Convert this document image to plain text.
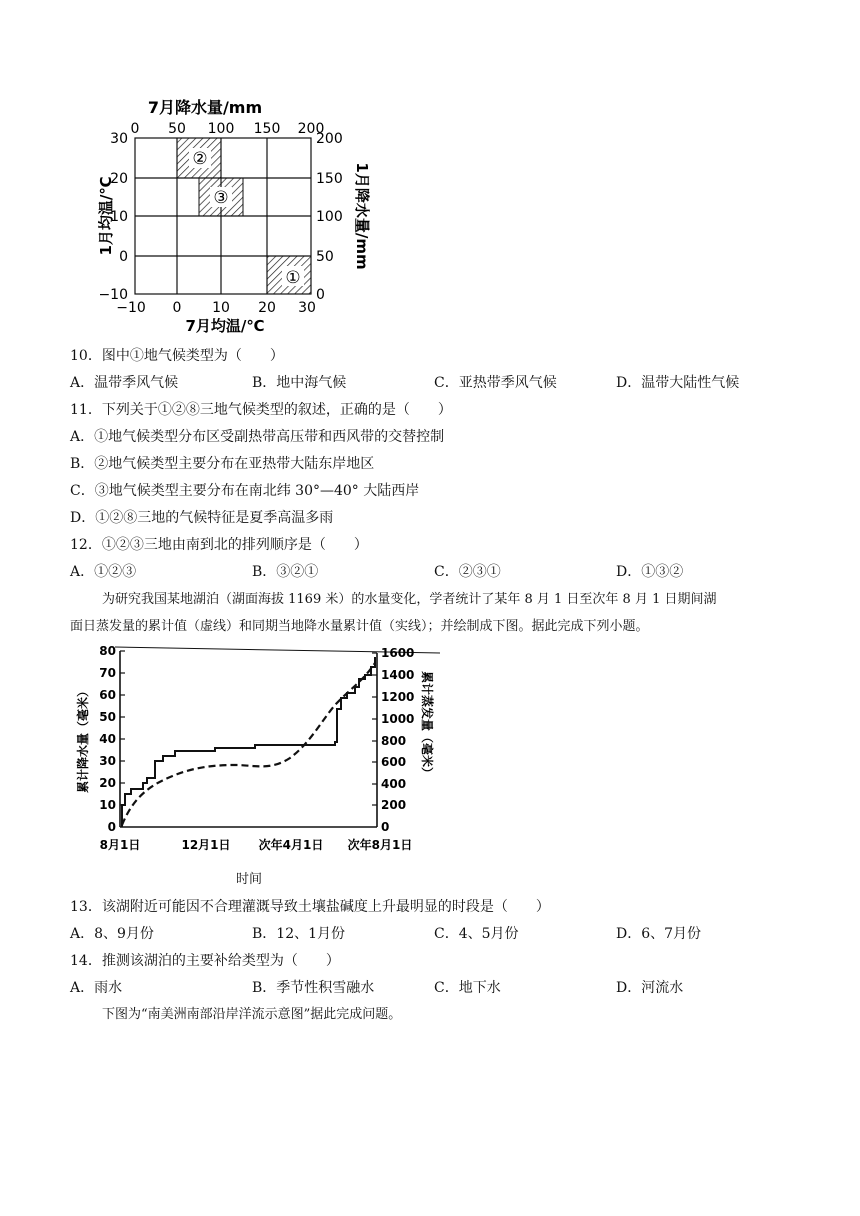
7月降水量/mm
0 50 100 150 200
②
③
①
30
20
10
0
−10
200
150
100
50
0
1月均温/℃	1月降水量/mm
−10 0 10 20 30
7月均温/℃
10．图中①地气候类型为（　　）
A．温带季风气候	B．地中海气候	C．亚热带季风气候	D．温带大陆性气候
11．下列关于①②⑧三地气候类型的叙述，正确的是（　　）
A．①地气候类型分布区受副热带高压带和西风带的交替控制
B．②地气候类型主要分布在亚热带大陆东岸地区
C．③地气候类型主要分布在南北纬 30°—40° 大陆西岸
D．①②⑧三地的气候特征是夏季高温多雨
12．①②③三地由南到北的排列顺序是（　　）
A．①②③	B．③②①	C．②③①	D．①③②
为研究我国某地湖泊（湖面海拔 1169 米）的水量变化，学者统计了某年 8 月 1 日至次年 8 月 1 日期间湖
面日蒸发量的累计值（虚线）和同期当地降水量累计值（实线）；并绘制成下图。据此完成下列小题。
80
70
60
50
40
30
20
10
0
1600
1400
1200
1000
800
600
400
200
0
累计降水量（毫米）	累计蒸发量（毫米）
8月1日	12月1日 次年4月1日 次年8月1日
时间
13．该湖附近可能因不合理灌溉导致土壤盐碱度上升最明显的时段是（　　）
A．8、9月份	B．12、1月份	C．4、5月份	D．6、7月份
14．推测该湖泊的主要补给类型为（　　）
A．雨水	B．季节性积雪融水	C．地下水	D．河流水
下图为“南美洲南部沿岸洋流示意图”据此完成问题。
